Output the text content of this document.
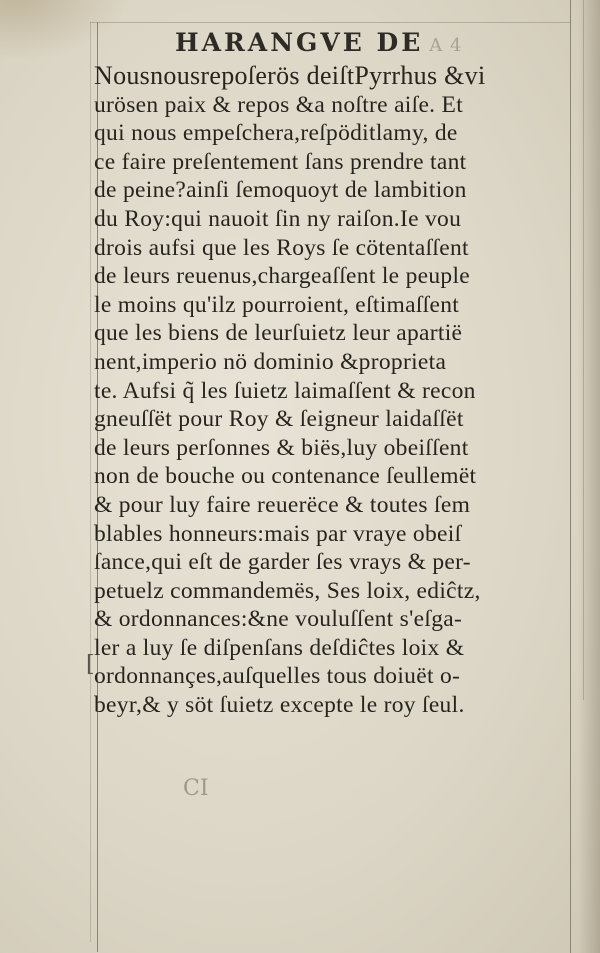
HARANGVE DE A 4
Nousnousrepoſerös deiſtPyrrhus &vi
urösen paix & repos &a noſtre aiſe. Et
qui nous empeſchera,reſpöditlamy, de
ce faire preſentement ſans prendre tant
de peine?ainſi ſemoquoyt de lambition
du Roy:qui nauoit ſin ny raiſon.Ie vou
drois aufsi que les Roys ſe cötentaſſent
de leurs reuenus,chargeaſſent le peuple
le moins qu'ilz pourroient, eſtimaſſent
que les biens de leurſuietz leur apartië
nent,imperio nö dominio &proprieta
te. Aufsi q̃ les ſuietz laimaſſent & recon
gneuſſët pour Roy & ſeigneur laidaſſët
de leurs perſonnes & biës,luy obeiſſent
non de bouche ou contenance ſeullemët
& pour luy faire reuerëce & toutes ſem
blables honneurs:mais par vraye obeiſ
ſance,qui eſt de garder ſes vrays & per-
petuelz commandemës, Ses loix, ediĉtz,
& ordonnances:&ne vouluſſent s'eſga-
ler a luy ſe diſpenſans deſdiĉtes loix &
ordonnançes,auſquelles tous doiuët o-
beyr,& y söt ſuietz excepte le roy ſeul.
[
CI
